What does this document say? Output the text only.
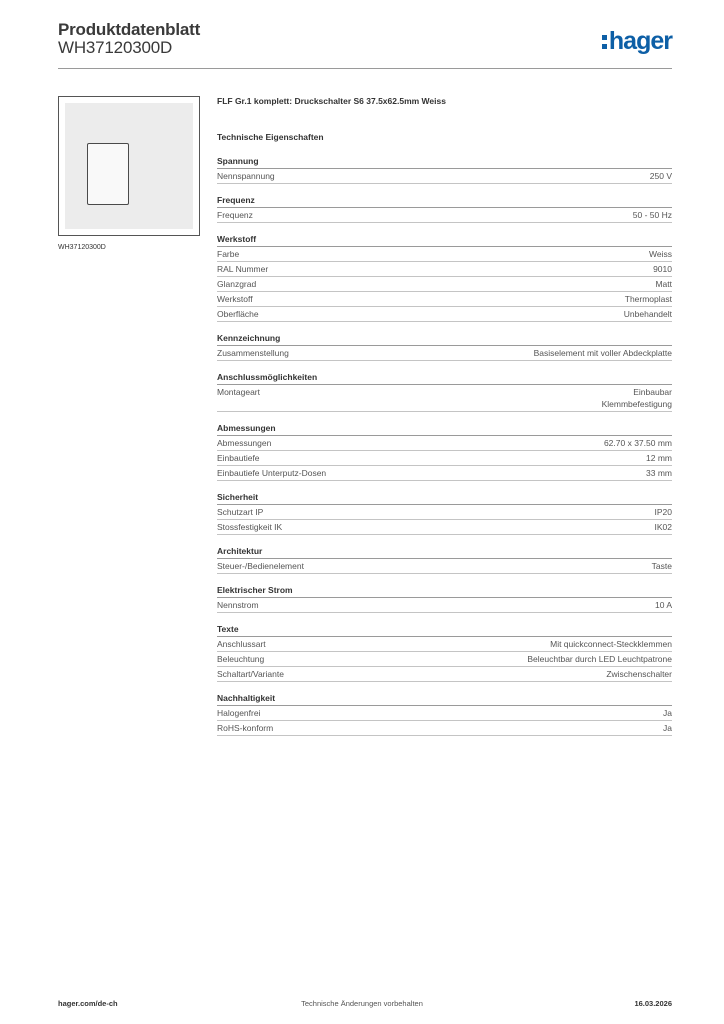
Produktdatenblatt
WH37120300D	hager
WH37120300D
FLF Gr.1 komplett: Druckschalter S6 37.5x62.5mm Weiss
Technische Eigenschaften
Spannung
Nennspannung	250 V
Frequenz
Frequenz	50 - 50 Hz
Werkstoff
Farbe	Weiss
RAL Nummer	9010
Glanzgrad	Matt
Werkstoff	Thermoplast
Oberfläche	Unbehandelt
Kennzeichnung
Zusammenstellung	Basiselement mit voller Abdeckplatte
Anschlussmöglichkeiten
Montageart	Einbaubar
Klemmbefestigung
Abmessungen
Abmessungen	62.70 x 37.50 mm
Einbautiefe	12 mm
Einbautiefe Unterputz-Dosen	33 mm
Sicherheit
Schutzart IP	IP20
Stossfestigkeit IK	IK02
Architektur
Steuer-/Bedienelement	Taste
Elektrischer Strom
Nennstrom	10 A
Texte
Anschlussart	Mit quickconnect-Steckklemmen
Beleuchtung	Beleuchtbar durch LED Leuchtpatrone
Schaltart/Variante	Zwischenschalter
Nachhaltigkeit
Halogenfrei	Ja
RoHS-konform	Ja
hager.com/de-ch	Technische Änderungen vorbehalten	16.03.2026
